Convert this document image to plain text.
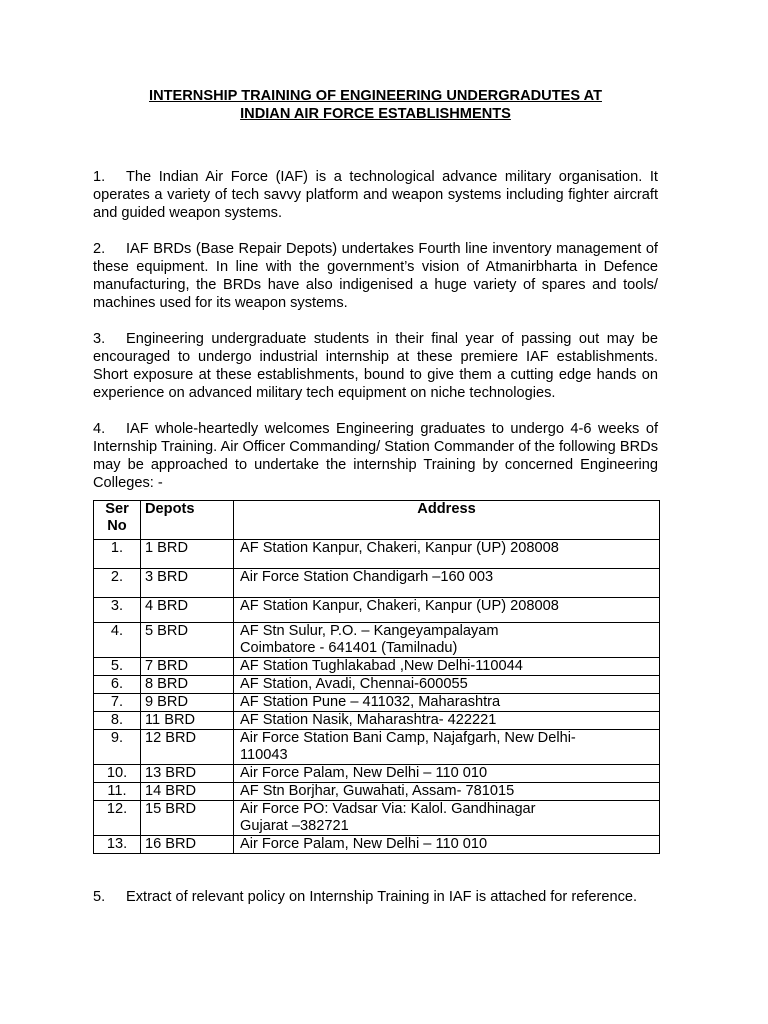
INTERNSHIP TRAINING OF ENGINEERING UNDERGRADUTES AT
INDIAN AIR FORCE ESTABLISHMENTS

1. The Indian Air Force (IAF) is a technological advance military organisation. It operates a variety of tech savvy platform and weapon systems including fighter aircraft and guided weapon systems.

2. IAF BRDs (Base Repair Depots) undertakes Fourth line inventory management of these equipment. In line with the government’s vision of Atmanirbharta in Defence manufacturing, the BRDs have also indigenised a huge variety of spares and tools/ machines used for its weapon systems.

3. Engineering undergraduate students in their final year of passing out may be encouraged to undergo industrial internship at these premiere IAF establishments. Short exposure at these establishments, bound to give them a cutting edge hands on experience on advanced military tech equipment on niche technologies.

4. IAF whole-heartedly welcomes Engineering graduates to undergo 4-6 weeks of Internship Training. Air Officer Commanding/ Station Commander of the following BRDs may be approached to undertake the internship Training by concerned Engineering Colleges: -

Ser No	Depots	Address
1.	1 BRD	AF Station Kanpur, Chakeri, Kanpur (UP) 208008

2.	3 BRD	Air Force Station Chandigarh –160 003

3.	4 BRD	AF Station Kanpur, Chakeri, Kanpur (UP) 208008

4.	5 BRD	AF Stn Sulur, P.O. – Kangeyampalayam
Coimbatore - 641401 (Tamilnadu)

5.	7 BRD	AF Station Tughlakabad ,New Delhi-110044

6.	8 BRD	AF Station, Avadi, Chennai-600055

7.	9 BRD	AF Station Pune – 411032, Maharashtra

8.	11 BRD	AF Station Nasik, Maharashtra- 422221

9.	12 BRD	Air Force Station Bani Camp, Najafgarh, New Delhi-
110043

10.	13 BRD	Air Force Palam, New Delhi – 110 010

11.	14 BRD	AF Stn Borjhar, Guwahati, Assam- 781015

12.	15 BRD	Air Force PO: Vadsar Via: Kalol. Gandhinagar
Gujarat –382721

13.	16 BRD	Air Force Palam, New Delhi – 110 010

5. Extract of relevant policy on Internship Training in IAF is attached for reference.
